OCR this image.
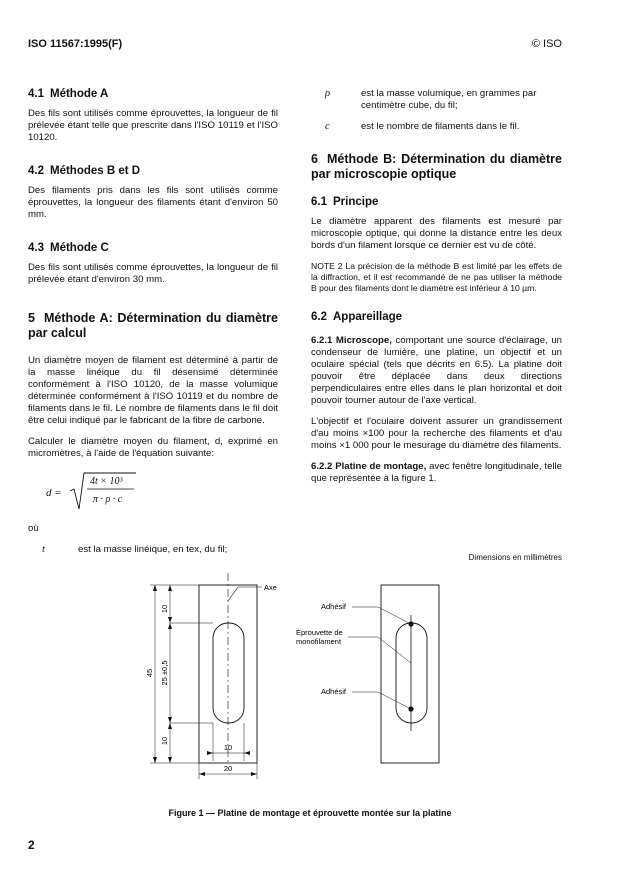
ISO 11567:1995(F)	© ISO
4.1 Méthode A

Des fils sont utilisés comme éprouvettes, la longueur de fil prélevée étant telle que prescrite dans l'ISO 10119 et l'ISO 10120.

4.2 Méthodes B et D

Des filaments pris dans les fils sont utilisés comme éprouvettes, la longueur des filaments étant d'environ 50 mm.

4.3 Méthode C

Des fils sont utilisés comme éprouvettes, la longueur de fil prélevée étant d'environ 30 mm.

5 Méthode A: Détermination du diamètre par calcul

Un diamètre moyen de filament est déterminé à partir de la masse linéique du fil désensimé déterminée conformément à l'ISO 10120, de la masse volumique déterminée conformément à l'ISO 10119 et du nombre de filaments dans le fil. Le nombre de filaments dans le fil doit être celui indiqué par le fabricant de la fibre de carbone.

Calculer le diamètre moyen du filament, d, exprimé en micromètres, à l'aide de l'équation suivante:

d =
4t × 10³
π · ρ · c

où

t	est la masse linéique, en tex, du fil;
ρ	est la masse volumique, en grammes par centimètre cube, du fil;
c	est le nombre de filaments dans le fil.
6 Méthode B: Détermination du diamètre par microscopie optique
6.1 Principe

Le diamètre apparent des filaments est mesuré par microscopie optique, qui donne la distance entre les deux bords d'un filament lorsque ce dernier est vu de côté.

NOTE 2 La précision de la méthode B est limité par les effets de la diffraction, et il est recommandé de ne pas utiliser la méthode B pour des filaments dont le diamètre est inférieur à 10 µm.
6.2 Appareillage

6.2.1 Microscope, comportant une source d'éclairage, un condenseur de lumière, une platine, un objectif et un oculaire spécial (tels que décrits en 6.5). La platine doit pouvoir être déplacée dans deux directions perpendiculaires entre elles dans le plan horizontal et doit pouvoir tourner autour de l'axe vertical.

L'objectif et l'oculaire doivent assurer un grandissement d'au moins ×100 pour la recherche des filaments et d'au moins ×1 000 pour le mesurage du diamètre des filaments.

6.2.2 Platine de montage, avec fenêtre longitudinale, telle que représentée à la figure 1.

Dimensions en millimètres
Axe
10
25 ±0,5
10
45
10
20
Adhésif
Éprouvette de
monofilament
Adhésif
Figure 1 — Platine de montage et éprouvette montée sur la platine
2
